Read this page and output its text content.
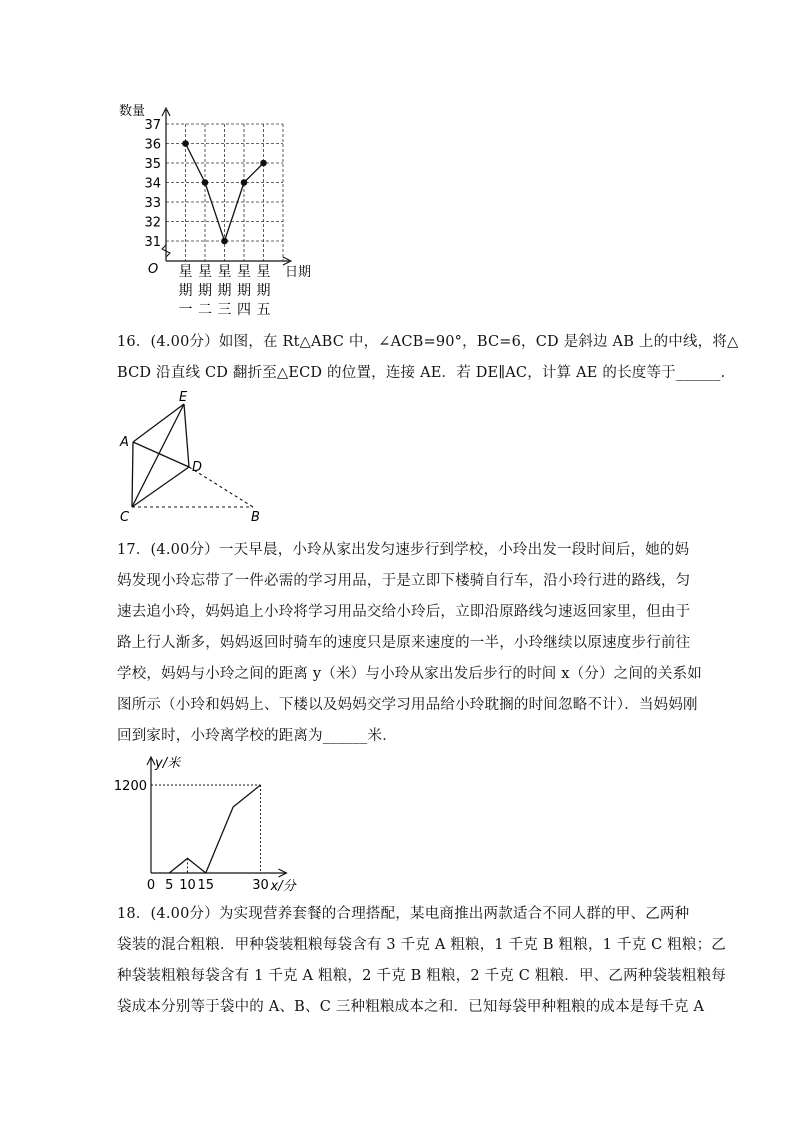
31
32
33
34
35
36
37
数量
O	日期
星
期
一
星
期
二
星
期
三
星
期
四
星
期
五

16．(4.00分）如图，在 Rt△ABC 中，∠ACB=90°，BC=6，CD 是斜边 AB 上的中线，将△

BCD 沿直线 CD 翻折至△ECD 的位置，连接 AE．若 DE∥AC，计算 AE 的长度等于______．

E
A
D
C	B

17．(4.00分）一天早晨，小玲从家出发匀速步行到学校，小玲出发一段时间后，她的妈

妈发现小玲忘带了一件必需的学习用品，于是立即下楼骑自行车，沿小玲行进的路线，匀

速去追小玲，妈妈追上小玲将学习用品交给小玲后，立即沿原路线匀速返回家里，但由于

路上行人渐多，妈妈返回时骑车的速度只是原来速度的一半，小玲继续以原速度步行前往

学校，妈妈与小玲之间的距离 y（米）与小玲从家出发后步行的时间 x（分）之间的关系如

图所示（小玲和妈妈上、下楼以及妈妈交学习用品给小玲耽搁的时间忽略不计）．当妈妈刚

回到家时，小玲离学校的距离为______米．

y/米
1200
x/分
0 5 10 15	30

18．(4.00分）为实现营养套餐的合理搭配，某电商推出两款适合不同人群的甲、乙两种

袋装的混合粗粮．甲种袋装粗粮每袋含有 3 千克 A 粗粮，1 千克 B 粗粮，1 千克 C 粗粮；乙

种袋装粗粮每袋含有 1 千克 A 粗粮，2 千克 B 粗粮，2 千克 C 粗粮．甲、乙两种袋装粗粮每

袋成本分别等于袋中的 A、B、C 三种粗粮成本之和．已知每袋甲种粗粮的成本是每千克 A
